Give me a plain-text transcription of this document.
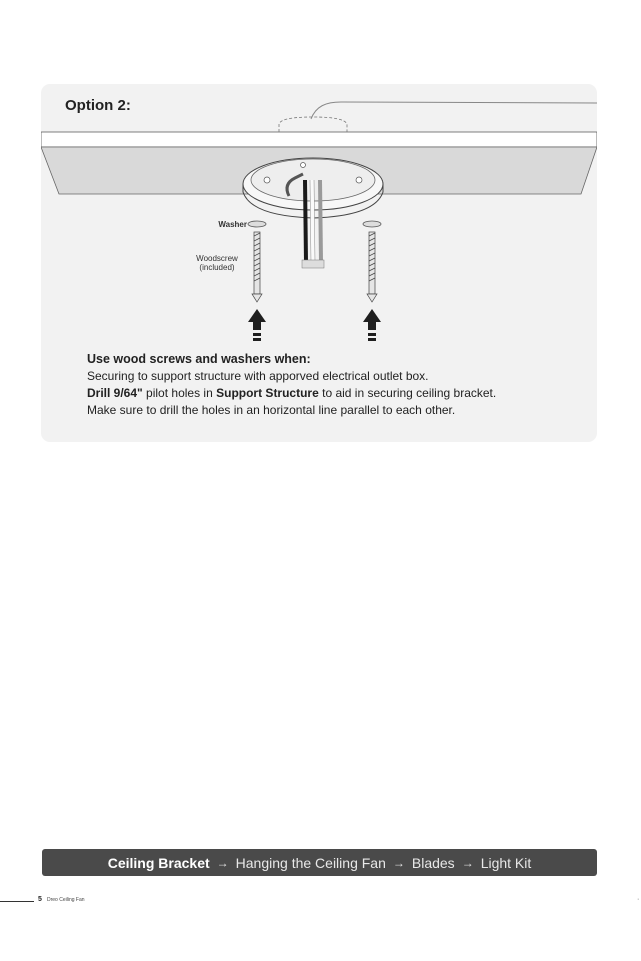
Washer
Woodscrew
(included)
Option 2:
Use wood screws and washers when:
Securing to support structure with apporved electrical outlet box.
Drill 9/64" pilot holes in Support Structure to aid in securing ceiling bracket.
Make sure to drill the holes in an horizontal line parallel to each other.
Ceiling Bracket → Hanging the Ceiling Fan → Blades → Light Kit
5 Dreo Ceiling Fan	·
